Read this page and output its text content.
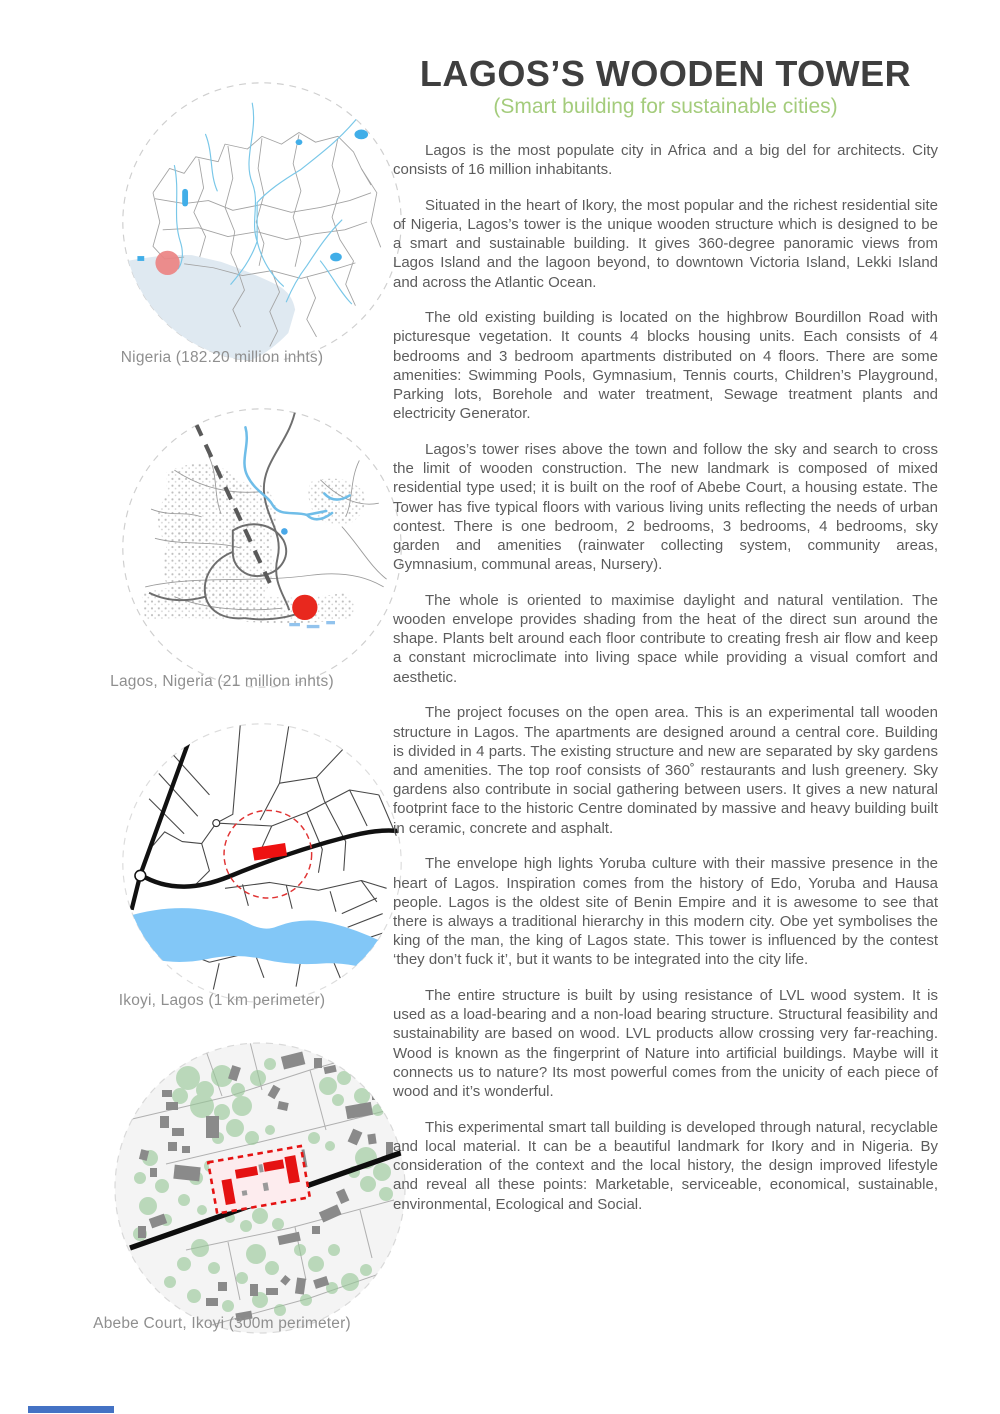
Nigeria (182.20 million inhts)
Lagos, Nigeria (21 million inhts)
Ikoyi, Lagos (1 km perimeter)
Abebe Court, Ikoyi (300m perimeter)
LAGOS’S WOODEN TOWER
(Smart building for sustainable cities)

Lagos is the most populate city in Africa and a big del for architects. City consists of 16 million inhabitants.

Situated in the heart of Ikory, the most popular and the richest residential site of Nigeria, Lagos’s tower is the unique wooden structure which is designed to be a smart and sustainable building. It gives 360-degree panoramic views from Lagos Island and the lagoon beyond, to downtown Victoria Island, Lekki Island and across the Atlantic Ocean.

The old existing building is located on the highbrow Bourdillon Road with picturesque vegetation. It counts 4 blocks housing units. Each consists of 4 bedrooms and 3 bedroom apartments distributed on 4 floors. There are some amenities: Swimming Pools, Gymnasium, Tennis courts, Children’s Playground, Parking lots, Borehole and water treatment, Sewage treatment plants and electricity Generator.

Lagos’s tower rises above the town and follow the sky and search to cross the limit of wooden construction. The new landmark is composed of mixed residential type used; it is built on the roof of Abebe Court, a housing estate. The Tower has five typical floors with various living units reflecting the needs of urban contest. There is one bedroom, 2 bedrooms, 3 bedrooms, 4 bedrooms, sky garden and amenities (rainwater collecting system, community areas, Gymnasium, communal areas, Nursery).

The whole is oriented to maximise daylight and natural ventilation. The wooden envelope provides shading from the heat of the direct sun around the shape. Plants belt around each floor contribute to creating fresh air flow and keep a constant microclimate into living space while providing a visual comfort and aesthetic.

The project focuses on the open area. This is an experimental tall wooden structure in Lagos. The apartments are designed around a central core. Building is divided in 4 parts. The existing structure and new are separated by sky gardens and amenities. The top roof consists of 360˚ restaurants and lush greenery. Sky gardens also contribute in social gathering between users. It gives a new natural footprint face to the historic Centre dominated by massive and heavy building built in ceramic, concrete and asphalt.

The envelope high lights Yoruba culture with their massive presence in the heart of Lagos. Inspiration comes from the history of Edo, Yoruba and Hausa people. Lagos is the oldest site of Benin Empire and it is awesome to see that there is always a traditional hierarchy in this modern city. Obe yet symbolises the king of the man, the king of Lagos state. This tower is influenced by the contest ‘they don’t fuck it’, but it wants to be integrated into the city life.

The entire structure is built by using resistance of LVL wood system. It is used as a load-bearing and a non-load bearing structure. Structural feasibility and sustainability are based on wood. LVL products allow crossing very far-reaching. Wood is known as the fingerprint of Nature into artificial buildings. Maybe will it connects us to nature? Its most powerful comes from the unicity of each piece of wood and it’s wonderful.

This experimental smart tall building is developed through natural, recyclable and local material. It can be a beautiful landmark for Ikory and in Nigeria. By consideration of the context and the local history, the design improved lifestyle and reveal all these points: Marketable, serviceable, economical, sustainable, environmental, Ecological and Social.
